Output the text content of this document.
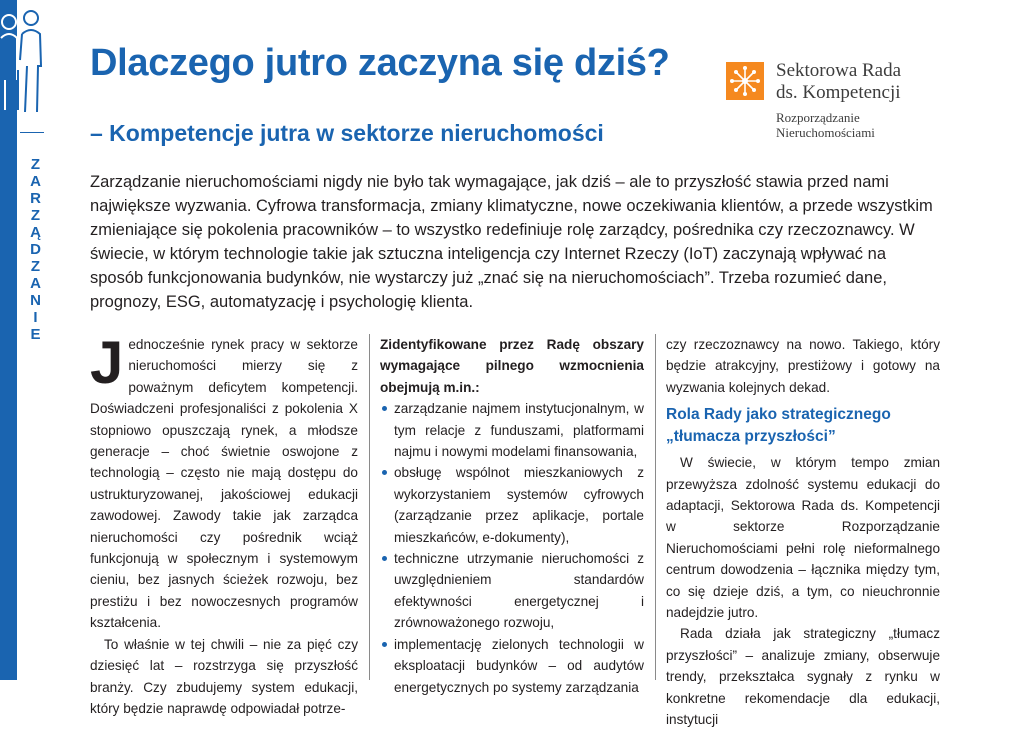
ZARZĄDZANIE
Dlaczego jutro zaczyna się dziś?
– Kompetencje jutra w sektorze nieruchomości
Sektorowa Rada
ds. Kompetencji
Rozporządzanie
Nieruchomościami

Zarządzanie nieruchomościami nigdy nie było tak wymagające, jak dziś – ale to przyszłość stawia przed nami największe wyzwania. Cyfrowa transformacja, zmiany klimatyczne, nowe oczekiwania klientów, a przede wszystkim zmieniające się pokolenia pracowników – to wszystko redefiniuje rolę zarządcy, pośrednika czy rzeczoznawcy. W świecie, w którym technologie takie jak sztuczna inteligencja czy Internet Rzeczy (IoT) zaczynają wpływać na sposób funkcjonowania budynków, nie wystarczy już „znać się na nieruchomościach”. Trzeba rozumieć dane, prognozy, ESG, automatyzację i psychologię klienta.

Jednocześnie rynek pracy w sektorze nieruchomości mierzy się z poważnym deficytem kompetencji. Doświadczeni profesjonaliści z pokolenia X stopniowo opuszczają rynek, a młodsze generacje – choć świetnie oswojone z technologią – często nie mają dostępu do ustrukturyzowanej, jakościowej edukacji zawodowej. Zawody takie jak zarządca nieruchomości czy pośrednik wciąż funkcjonują w społecznym i systemowym cieniu, bez jasnych ścieżek rozwoju, bez prestiżu i bez nowoczesnych programów kształcenia.

To właśnie w tej chwili – nie za pięć czy dziesięć lat – rozstrzyga się przyszłość branży. Czy zbudujemy system edukacji, który będzie naprawdę odpowiadał potrze-

Zidentyfikowane przez Radę obszary wymagające pilnego wzmocnienia obejmują m.in.:

zarządzanie najmem instytucjonalnym, w tym relacje z funduszami, platformami najmu i nowymi modelami finansowania,
obsługę wspólnot mieszkaniowych z wykorzystaniem systemów cyfrowych (zarządzanie przez aplikacje, portale mieszkańców, e-dokumenty),
techniczne utrzymanie nieruchomości z uwzględnieniem standardów efektywności energetycznej i zrównoważonego rozwoju,
implementację zielonych technologii w eksploatacji budynków – od audytów energetycznych po systemy zarządzania

czy rzeczoznawcy na nowo. Takiego, który będzie atrakcyjny, prestiżowy i gotowy na wyzwania kolejnych dekad.

Rola Rady jako strategicznego „tłumacza przyszłości”

W świecie, w którym tempo zmian przewyższa zdolność systemu edukacji do adaptacji, Sektorowa Rada ds. Kompetencji w sektorze Rozporządzanie Nieruchomościami pełni rolę nieformalnego centrum dowodzenia – łącznika między tym, co się dzieje dziś, a tym, co nieuchronnie nadejdzie jutro.

Rada działa jak strategiczny „tłumacz przyszłości” – analizuje zmiany, obserwuje trendy, przekształca sygnały z rynku w konkretne rekomendacje dla edukacji, instytucji
